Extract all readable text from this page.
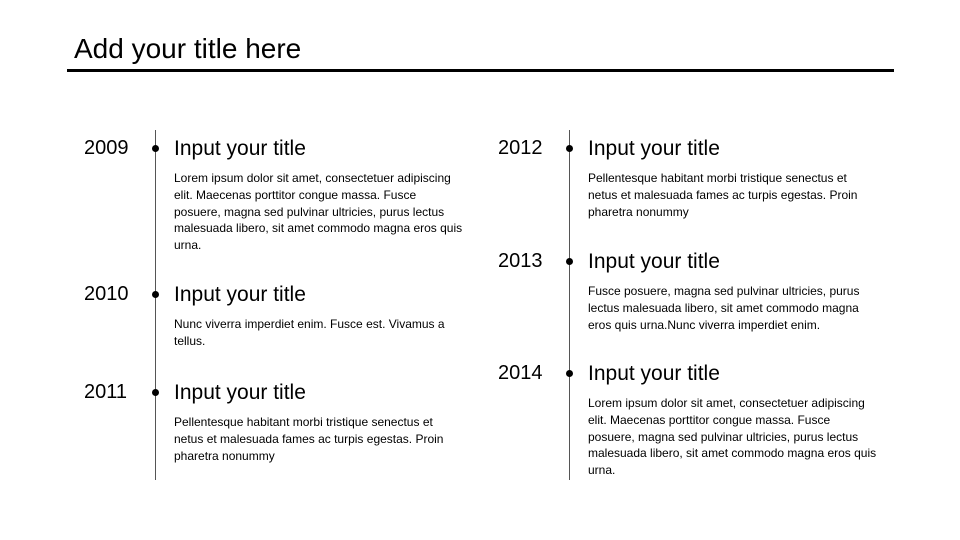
Add your title here
2009 Input your title
Lorem ipsum dolor sit amet, consectetuer adipiscing elit. Maecenas porttitor congue massa. Fusce posuere, magna sed pulvinar ultricies, purus lectus malesuada libero, sit amet commodo magna eros quis urna.
2010 Input your title
Nunc viverra imperdiet enim. Fusce est. Vivamus a tellus.
2011 Input your title
Pellentesque habitant morbi tristique senectus et netus et malesuada fames ac turpis egestas. Proin pharetra nonummy
2012 Input your title
Pellentesque habitant morbi tristique senectus et netus et malesuada fames ac turpis egestas. Proin pharetra nonummy
2013 Input your title
Fusce posuere, magna sed pulvinar ultricies, purus lectus malesuada libero, sit amet commodo magna eros quis urna.Nunc viverra imperdiet enim.
2014 Input your title
Lorem ipsum dolor sit amet, consectetuer adipiscing elit. Maecenas porttitor congue massa. Fusce posuere, magna sed pulvinar ultricies, purus lectus malesuada libero, sit amet commodo magna eros quis urna.
